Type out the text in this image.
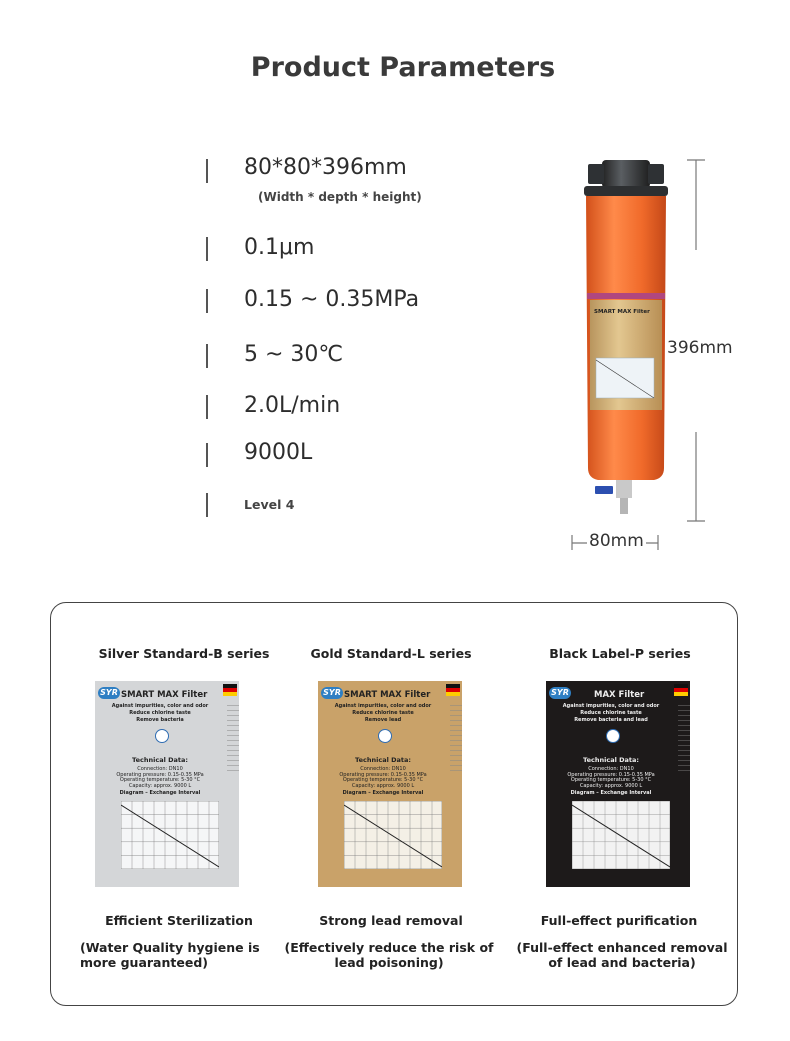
Product Parameters
80*80*396mm
(Width * depth * height)
0.1μm
0.15 ~ 0.35MPa

5 ~ 30℃
2.0L/min
9000L
Level 4
SMART MAX Filter
396mm
80mm
Silver Standard-B series	Gold Standard-L series	Black Label-P series
SYR SMART MAX Filter
Against impurities, color and odor
Reduce chlorine taste
Remove bacteria
Technical Data:
Connection: DN10
Operating pressure: 0.15-0.35 MPa
Operating temperature: 5-30 °C
Capacity: approx. 9000 L
Diagram – Exchange Interval
SYR SMART MAX Filter
Against impurities, color and odor
Reduce chlorine taste
Remove lead
Technical Data:
Connection: DN10
Operating pressure: 0.15-0.35 MPa
Operating temperature: 5-30 °C
Capacity: approx. 9000 L
Diagram – Exchange Interval
SYR	MAX Filter
Against impurities, color and odor
Reduce chlorine taste
Remove bacteria and lead
Technical Data:
Connection: DN10
Operating pressure: 0.15-0.35 MPa
Operating temperature: 5-30 °C
Capacity: approx. 9000 L
Diagram – Exchange Interval
Efficient Sterilization	Strong lead removal	Full-effect purification
(Water Quality hygiene is more guaranteed)
(Effectively reduce the risk of lead poisoning)
(Full-effect enhanced removal of lead and bacteria)
